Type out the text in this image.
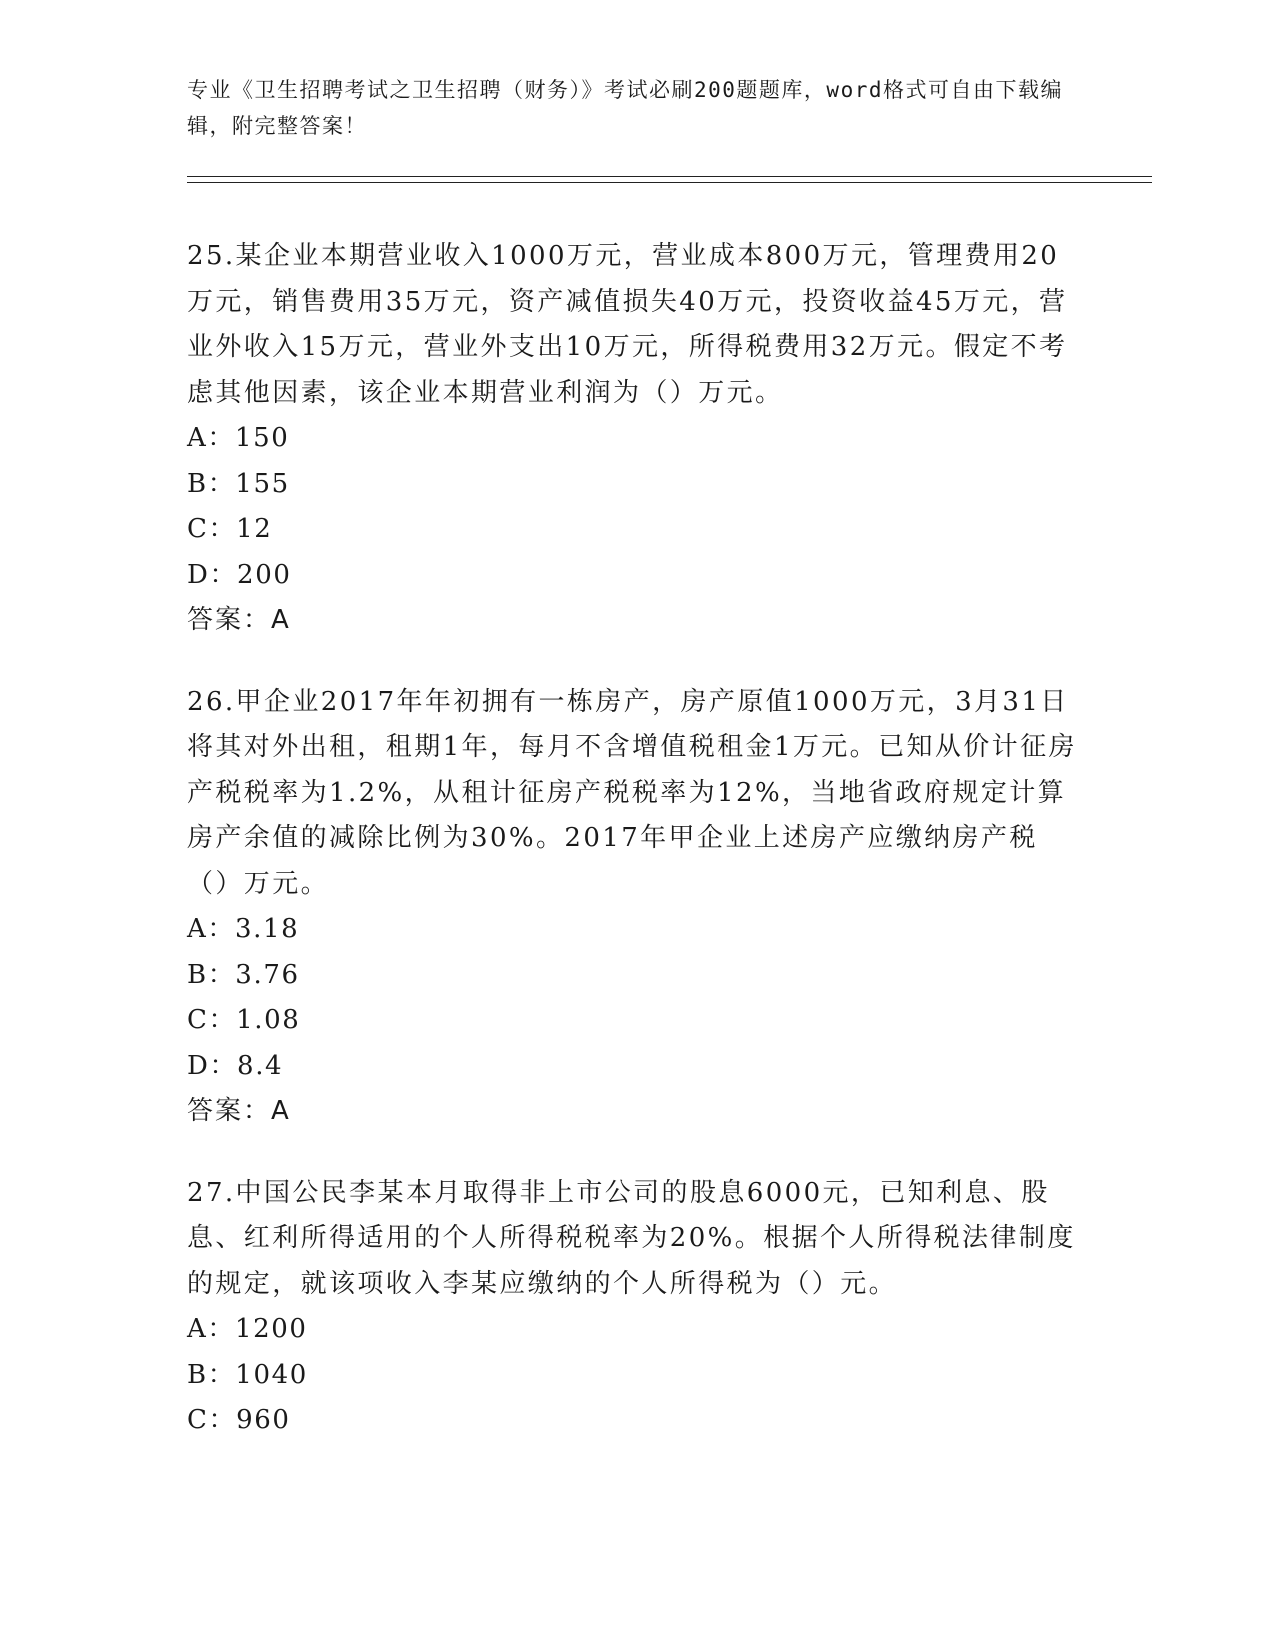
专业《卫生招聘考试之卫生招聘（财务）》考试必刷200题题库，word格式可自由下载编辑，附完整答案！

25.某企业本期营业收入1000万元，营业成本800万元，管理费用20万元，销售费用35万元，资产减值损失40万元，投资收益45万元，营业外收入15万元，营业外支出10万元，所得税费用32万元。假定不考虑其他因素，该企业本期营业利润为（）万元。

A：150

B：155

C：12

D：200

答案：A

26.甲企业2017年年初拥有一栋房产，房产原值1000万元，3月31日将其对外出租，租期1年，每月不含增值税租金1万元。已知从价计征房产税税率为1.2%，从租计征房产税税率为12%，当地省政府规定计算房产余值的减除比例为30%。2017年甲企业上述房产应缴纳房产税（）万元。

A：3.18

B：3.76

C：1.08

D：8.4

答案：A

27.中国公民李某本月取得非上市公司的股息6000元，已知利息、股息、红利所得适用的个人所得税税率为20%。根据个人所得税法律制度的规定，就该项收入李某应缴纳的个人所得税为（）元。

A：1200

B：1040

C：960
